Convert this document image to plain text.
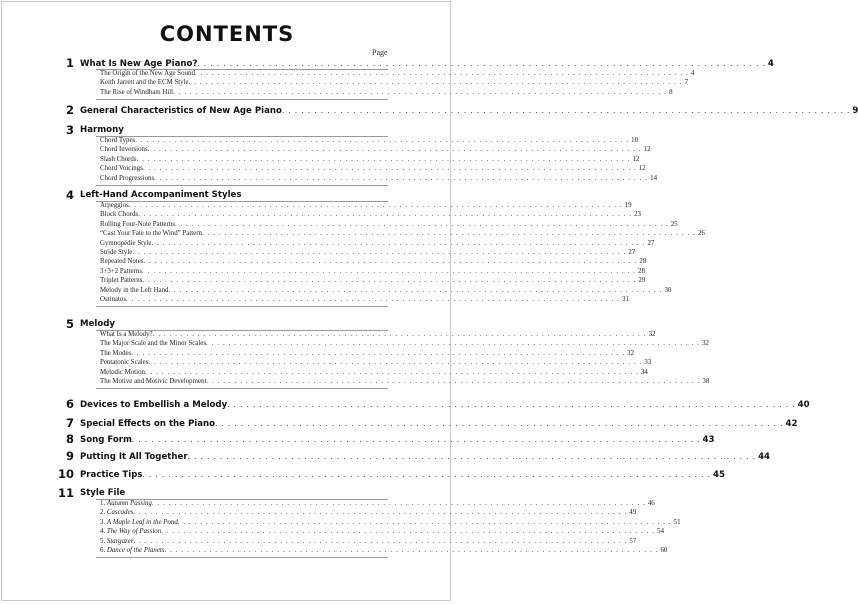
CONTENTS
Page
1 What Is New Age Piano? . . . . . . . . . . . . . . . . . . . . . . . . . . . . . . . . . . . . . . . . . . . . . . . . . . . . . . . . . . . . . . . . . . . . . . . . . . . . . . . . . . . . . . . . 4
The Origin of the New Age Sound . . . . . . . . . . . . . . . . . . . . . . . . . . . . . . . . . . . . . . . . . . . . . . . . . . . . . . . . . . . . . . . . . . . . . . . . . . . . . . . . . . . . . . . . 4
Keith Jarrett and the ECM Style . . . . . . . . . . . . . . . . . . . . . . . . . . . . . . . . . . . . . . . . . . . . . . . . . . . . . . . . . . . . . . . . . . . . . . . . . . . . . . . . . . . . . . . . 7
The Rise of Windham Hill . . . . . . . . . . . . . . . . . . . . . . . . . . . . . . . . . . . . . . . . . . . . . . . . . . . . . . . . . . . . . . . . . . . . . . . . . . . . . . . . . . . . . . . . 8
2 General Characteristics of New Age Piano . . . . . . . . . . . . . . . . . . . . . . . . . . . . . . . . . . . . . . . . . . . . . . . . . . . . . . . . . . . . . . . . . . . . . . . . . . . . . . . . . . . . . . . . 9
3 Harmony
Chord Types . . . . . . . . . . . . . . . . . . . . . . . . . . . . . . . . . . . . . . . . . . . . . . . . . . . . . . . . . . . . . . . . . . . . . . . . . . . . . . . . . . . . . . . . 10
Chord Inversions . . . . . . . . . . . . . . . . . . . . . . . . . . . . . . . . . . . . . . . . . . . . . . . . . . . . . . . . . . . . . . . . . . . . . . . . . . . . . . . . . . . . . . . . 12
Slash Chords . . . . . . . . . . . . . . . . . . . . . . . . . . . . . . . . . . . . . . . . . . . . . . . . . . . . . . . . . . . . . . . . . . . . . . . . . . . . . . . . . . . . . . . . 12
Chord Voicings . . . . . . . . . . . . . . . . . . . . . . . . . . . . . . . . . . . . . . . . . . . . . . . . . . . . . . . . . . . . . . . . . . . . . . . . . . . . . . . . . . . . . . . . 12
Chord Progressions . . . . . . . . . . . . . . . . . . . . . . . . . . . . . . . . . . . . . . . . . . . . . . . . . . . . . . . . . . . . . . . . . . . . . . . . . . . . . . . . . . . . . . . . 14
4 Left-Hand Accompaniment Styles
Arpeggios . . . . . . . . . . . . . . . . . . . . . . . . . . . . . . . . . . . . . . . . . . . . . . . . . . . . . . . . . . . . . . . . . . . . . . . . . . . . . . . . . . . . . . . . 19
Block Chords . . . . . . . . . . . . . . . . . . . . . . . . . . . . . . . . . . . . . . . . . . . . . . . . . . . . . . . . . . . . . . . . . . . . . . . . . . . . . . . . . . . . . . . . 23
Rolling Four-Note Patterns . . . . . . . . . . . . . . . . . . . . . . . . . . . . . . . . . . . . . . . . . . . . . . . . . . . . . . . . . . . . . . . . . . . . . . . . . . . . . . . . . . . . . . . . 25
“Cast Your Fate to the Wind” Pattern . . . . . . . . . . . . . . . . . . . . . . . . . . . . . . . . . . . . . . . . . . . . . . . . . . . . . . . . . . . . . . . . . . . . . . . . . . . . . . . . . . . . . . . . 26
Gymnopédie Style . . . . . . . . . . . . . . . . . . . . . . . . . . . . . . . . . . . . . . . . . . . . . . . . . . . . . . . . . . . . . . . . . . . . . . . . . . . . . . . . . . . . . . . . 27
Stride Style . . . . . . . . . . . . . . . . . . . . . . . . . . . . . . . . . . . . . . . . . . . . . . . . . . . . . . . . . . . . . . . . . . . . . . . . . . . . . . . . . . . . . . . . 27
Repeated Notes . . . . . . . . . . . . . . . . . . . . . . . . . . . . . . . . . . . . . . . . . . . . . . . . . . . . . . . . . . . . . . . . . . . . . . . . . . . . . . . . . . . . . . . . 28
3+3+2 Patterns . . . . . . . . . . . . . . . . . . . . . . . . . . . . . . . . . . . . . . . . . . . . . . . . . . . . . . . . . . . . . . . . . . . . . . . . . . . . . . . . . . . . . . . . 28
Triplet Patterns . . . . . . . . . . . . . . . . . . . . . . . . . . . . . . . . . . . . . . . . . . . . . . . . . . . . . . . . . . . . . . . . . . . . . . . . . . . . . . . . . . . . . . . . 29
Melody in the Left Hand . . . . . . . . . . . . . . . . . . . . . . . . . . . . . . . . . . . . . . . . . . . . . . . . . . . . . . . . . . . . . . . . . . . . . . . . . . . . . . . . . . . . . . . . 30
Ostinatos . . . . . . . . . . . . . . . . . . . . . . . . . . . . . . . . . . . . . . . . . . . . . . . . . . . . . . . . . . . . . . . . . . . . . . . . . . . . . . . . . . . . . . . . 31
5 Melody
What Is a Melody? . . . . . . . . . . . . . . . . . . . . . . . . . . . . . . . . . . . . . . . . . . . . . . . . . . . . . . . . . . . . . . . . . . . . . . . . . . . . . . . . . . . . . . . . 32
The Major Scale and the Minor Scales . . . . . . . . . . . . . . . . . . . . . . . . . . . . . . . . . . . . . . . . . . . . . . . . . . . . . . . . . . . . . . . . . . . . . . . . . . . . . . . . . . . . . . . . 32
The Modes . . . . . . . . . . . . . . . . . . . . . . . . . . . . . . . . . . . . . . . . . . . . . . . . . . . . . . . . . . . . . . . . . . . . . . . . . . . . . . . . . . . . . . . . 32
Pentatonic Scales . . . . . . . . . . . . . . . . . . . . . . . . . . . . . . . . . . . . . . . . . . . . . . . . . . . . . . . . . . . . . . . . . . . . . . . . . . . . . . . . . . . . . . . . 33
Melodic Motion . . . . . . . . . . . . . . . . . . . . . . . . . . . . . . . . . . . . . . . . . . . . . . . . . . . . . . . . . . . . . . . . . . . . . . . . . . . . . . . . . . . . . . . . 34
The Motive and Motivic Development . . . . . . . . . . . . . . . . . . . . . . . . . . . . . . . . . . . . . . . . . . . . . . . . . . . . . . . . . . . . . . . . . . . . . . . . . . . . . . . . . . . . . . . . 38
6 Devices to Embellish a Melody . . . . . . . . . . . . . . . . . . . . . . . . . . . . . . . . . . . . . . . . . . . . . . . . . . . . . . . . . . . . . . . . . . . . . . . . . . . . . . . . . . . . . . . . 40
7 Special Effects on the Piano . . . . . . . . . . . . . . . . . . . . . . . . . . . . . . . . . . . . . . . . . . . . . . . . . . . . . . . . . . . . . . . . . . . . . . . . . . . . . . . . . . . . . . . . 42
8 Song Form . . . . . . . . . . . . . . . . . . . . . . . . . . . . . . . . . . . . . . . . . . . . . . . . . . . . . . . . . . . . . . . . . . . . . . . . . . . . . . . . . . . . . . . . 43
9 Putting It All Together . . . . . . . . . . . . . . . . . . . . . . . . . . . . . . . . . . . . . . . . . . . . . . . . . . . . . . . . . . . . . . . . . . . . . . . . . . . . . . . . . . . . . . . . 44
10 Practice Tips . . . . . . . . . . . . . . . . . . . . . . . . . . . . . . . . . . . . . . . . . . . . . . . . . . . . . . . . . . . . . . . . . . . . . . . . . . . . . . . . . . . . . . . . 45
11 Style File
1. Autumn Passing . . . . . . . . . . . . . . . . . . . . . . . . . . . . . . . . . . . . . . . . . . . . . . . . . . . . . . . . . . . . . . . . . . . . . . . . . . . . . . . . . . . . . . . . 46
2. Cascades . . . . . . . . . . . . . . . . . . . . . . . . . . . . . . . . . . . . . . . . . . . . . . . . . . . . . . . . . . . . . . . . . . . . . . . . . . . . . . . . . . . . . . . . 49
3. A Maple Leaf in the Pond . . . . . . . . . . . . . . . . . . . . . . . . . . . . . . . . . . . . . . . . . . . . . . . . . . . . . . . . . . . . . . . . . . . . . . . . . . . . . . . . . . . . . . . . 51
4. The Way of Passion . . . . . . . . . . . . . . . . . . . . . . . . . . . . . . . . . . . . . . . . . . . . . . . . . . . . . . . . . . . . . . . . . . . . . . . . . . . . . . . . . . . . . . . . 54
5. Stargazer . . . . . . . . . . . . . . . . . . . . . . . . . . . . . . . . . . . . . . . . . . . . . . . . . . . . . . . . . . . . . . . . . . . . . . . . . . . . . . . . . . . . . . . . 57
6. Dance of the Planets . . . . . . . . . . . . . . . . . . . . . . . . . . . . . . . . . . . . . . . . . . . . . . . . . . . . . . . . . . . . . . . . . . . . . . . . . . . . . . . . . . . . . . . . 60
